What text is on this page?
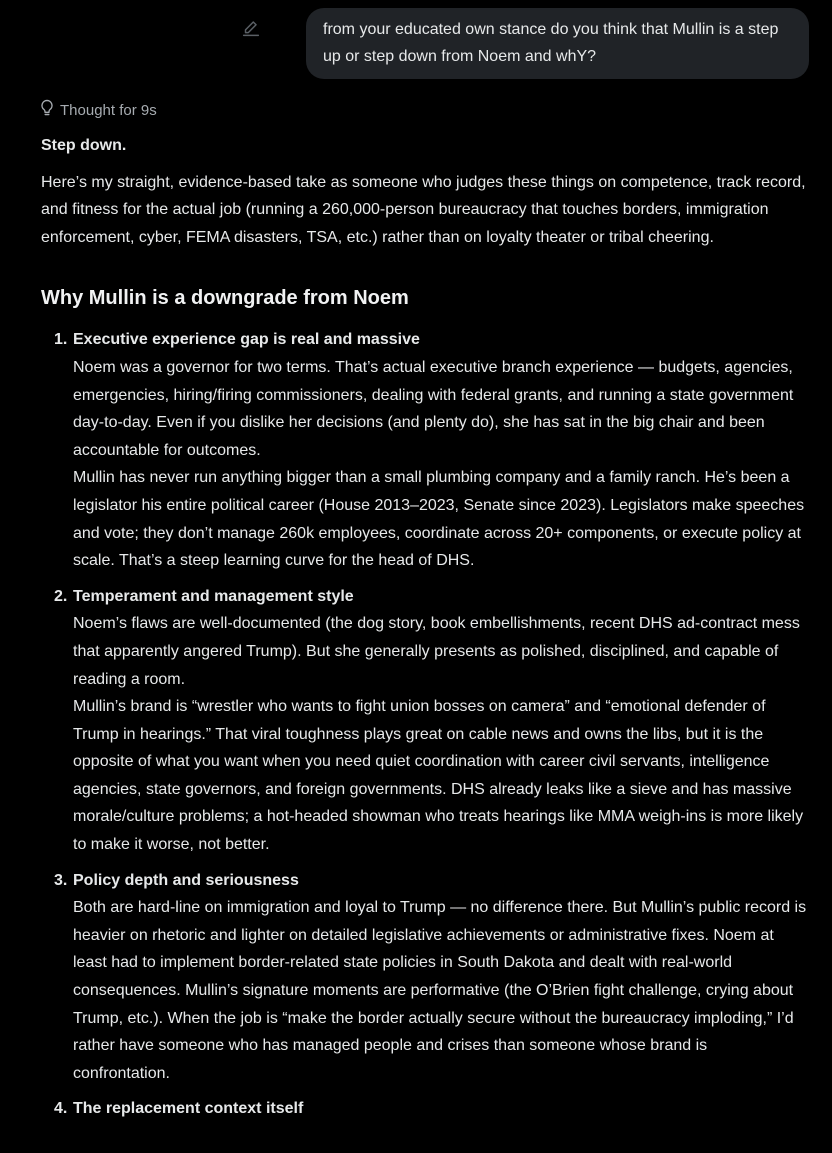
from your educated own stance do you think that Mullin is a step up or step down from Noem and whY?
Thought for 9s

Step down.

Here’s my straight, evidence-based take as someone who judges these things on competence, track record, and fitness for the actual job (running a 260,000-person bureaucracy that touches borders, immigration enforcement, cyber, FEMA disasters, TSA, etc.) rather than on loyalty theater or tribal cheering.

Why Mullin is a downgrade from Noem
1. Executive experience gap is real and massive

Noem was a governor for two terms. That’s actual executive branch experience — budgets, agencies, emergencies, hiring/firing commissioners, dealing with federal grants, and running a state government day-to-day. Even if you dislike her decisions (and plenty do), she has sat in the big chair and been accountable for outcomes.

Mullin has never run anything bigger than a small plumbing company and a family ranch. He’s been a legislator his entire political career (House 2013–2023, Senate since 2023). Legislators make speeches and vote; they don’t manage 260k employees, coordinate across 20+ components, or execute policy at scale. That’s a steep learning curve for the head of DHS.

2. Temperament and management style

Noem’s flaws are well-documented (the dog story, book embellishments, recent DHS ad-contract mess that apparently angered Trump). But she generally presents as polished, disciplined, and capable of reading a room.

Mullin’s brand is “wrestler who wants to fight union bosses on camera” and “emotional defender of Trump in hearings.” That viral toughness plays great on cable news and owns the libs, but it is the opposite of what you want when you need quiet coordination with career civil servants, intelligence agencies, state governors, and foreign governments. DHS already leaks like a sieve and has massive morale/culture problems; a hot-headed showman who treats hearings like MMA weigh-ins is more likely to make it worse, not better.

3. Policy depth and seriousness

Both are hard-line on immigration and loyal to Trump — no difference there. But Mullin’s public record is heavier on rhetoric and lighter on detailed legislative achievements or administrative fixes. Noem at least had to implement border-related state policies in South Dakota and dealt with real-world consequences. Mullin’s signature moments are performative (the O’Brien fight challenge, crying about Trump, etc.). When the job is “make the border actually secure without the bureaucracy imploding,” I’d rather have someone who has managed people and crises than someone whose brand is confrontation.

4. The replacement context itself
